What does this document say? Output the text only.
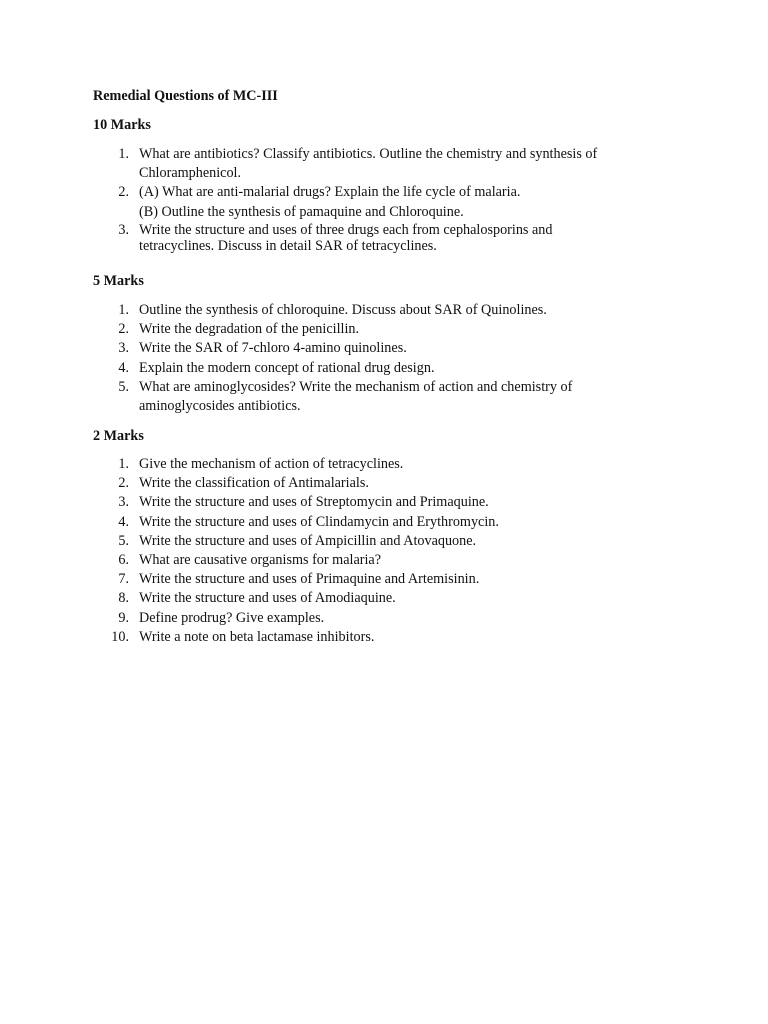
Remedial Questions of MC-III
10 Marks
1. What are antibiotics? Classify antibiotics. Outline the chemistry and synthesis of
Chloramphenicol.
2. (A) What are anti-malarial drugs? Explain the life cycle of malaria.
(B) Outline the synthesis of pamaquine and Chloroquine.
3. Write the structure and uses of three drugs each from cephalosporins and
tetracyclines. Discuss in detail SAR of tetracyclines.
5 Marks
1. Outline the synthesis of chloroquine. Discuss about SAR of Quinolines.
2. Write the degradation of the penicillin.
3. Write the SAR of 7-chloro 4-amino quinolines.
4. Explain the modern concept of rational drug design.
5. What are aminoglycosides? Write the mechanism of action and chemistry of
aminoglycosides antibiotics.
2 Marks
1. Give the mechanism of action of tetracyclines.
2. Write the classification of Antimalarials.
3. Write the structure and uses of Streptomycin and Primaquine.
4. Write the structure and uses of Clindamycin and Erythromycin.
5. Write the structure and uses of Ampicillin and Atovaquone.
6. What are causative organisms for malaria?
7. Write the structure and uses of Primaquine and Artemisinin.
8. Write the structure and uses of Amodiaquine.
9. Define prodrug? Give examples.
10. Write a note on beta lactamase inhibitors.
